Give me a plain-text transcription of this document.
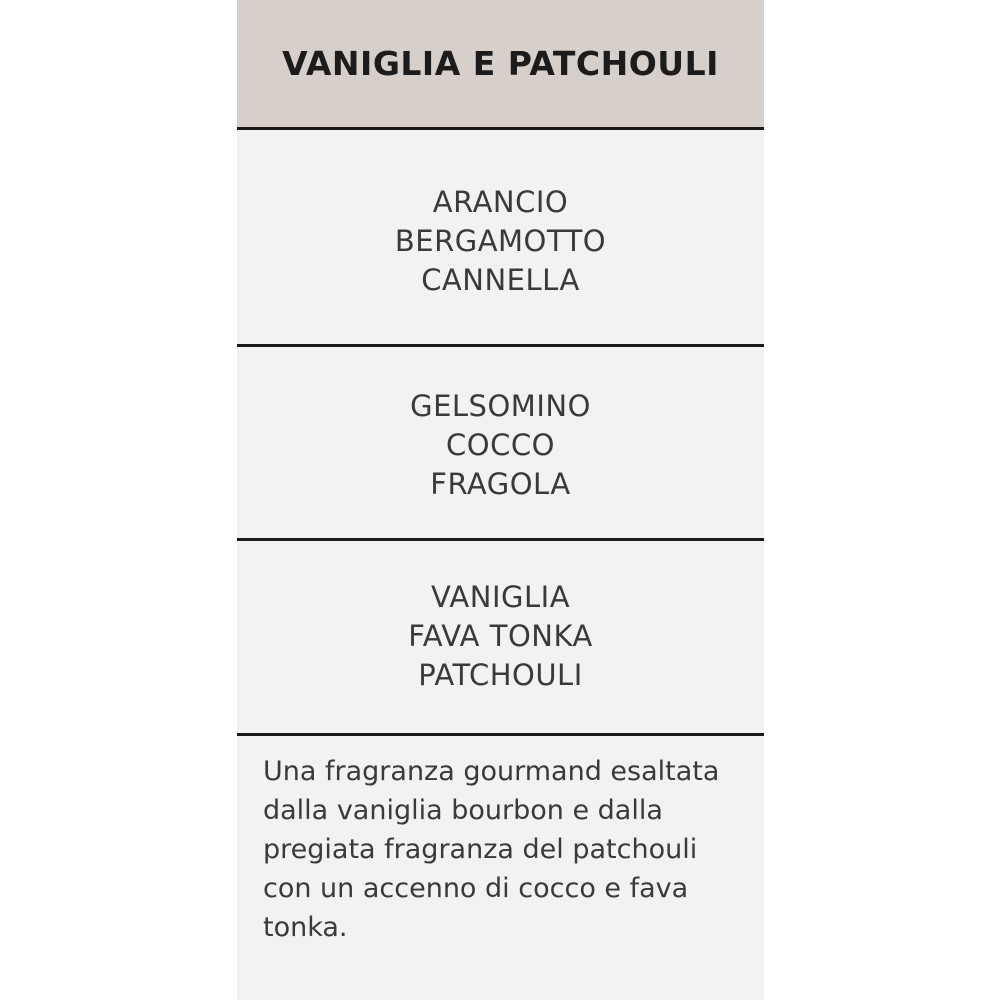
VANIGLIA E PATCHOULI
ARANCIO
BERGAMOTTO
CANNELLA
GELSOMINO
COCCO
FRAGOLA
VANIGLIA
FAVA TONKA
PATCHOULI

Una fragranza gourmand esaltata dalla vaniglia bourbon e dalla pregiata fragranza del patchouli con un accenno di cocco e fava tonka.
